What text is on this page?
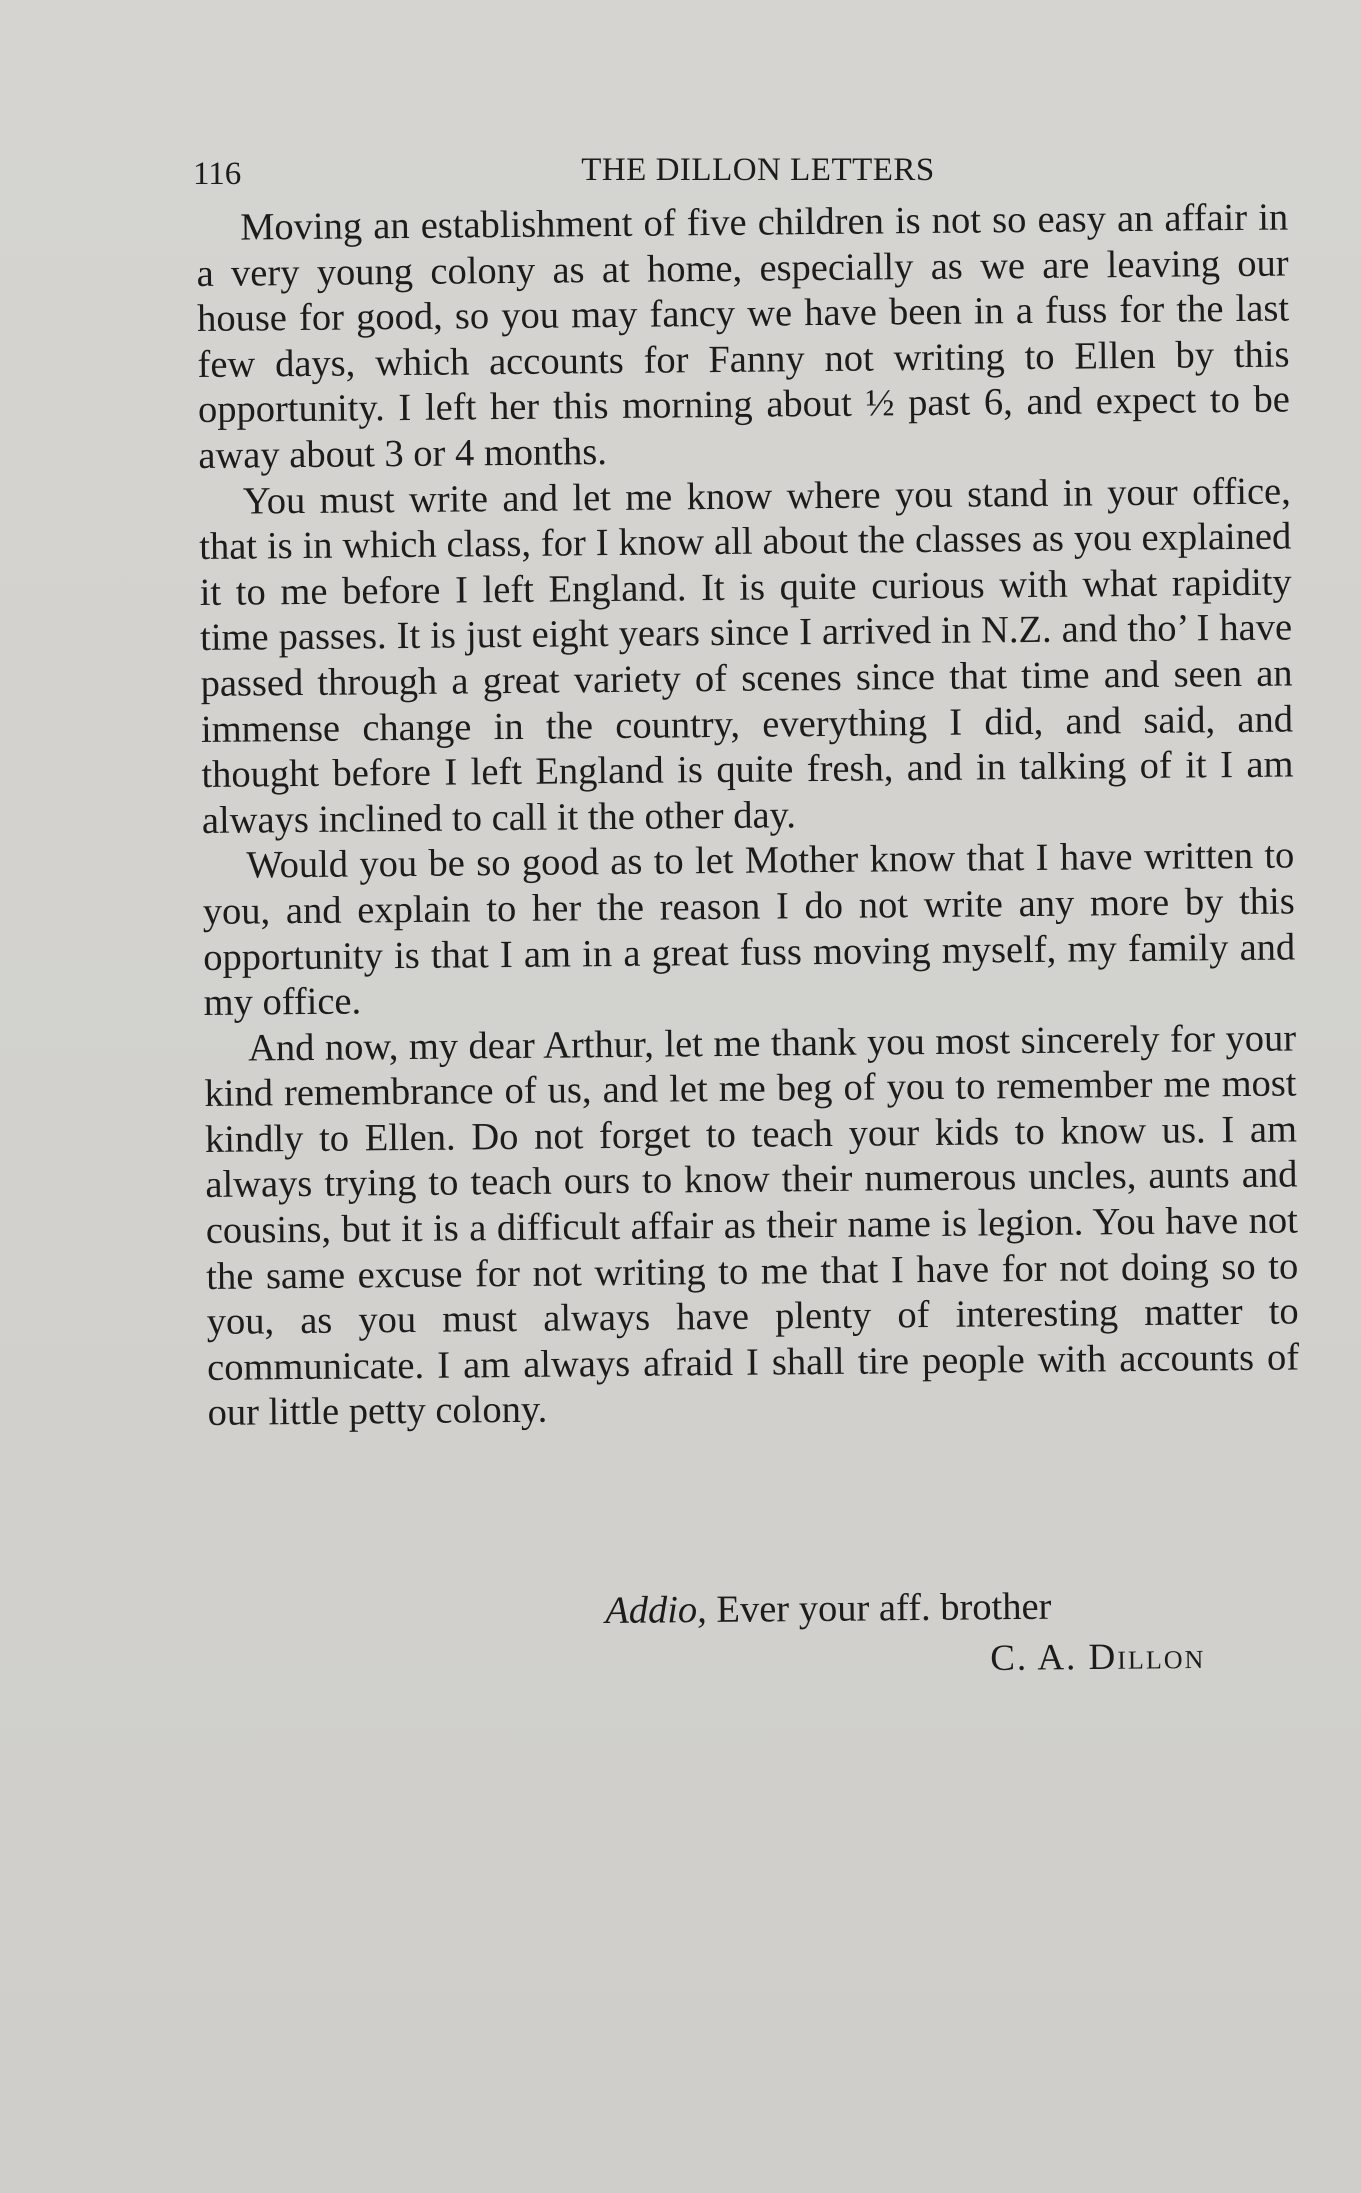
116	THE DILLON LETTERS

Moving an establishment of five children is not so easy an affair in a very young colony as at home, especially as we are leaving our house for good, so you may fancy we have been in a fuss for the last few days, which accounts for Fanny not writing to Ellen by this opportunity. I left her this morning about ½ past 6, and expect to be away about 3 or 4 months.

You must write and let me know where you stand in your office, that is in which class, for I know all about the classes as you explained it to me before I left England. It is quite curious with what rapidity time passes. It is just eight years since I arrived in N.Z. and tho’ I have passed through a great variety of scenes since that time and seen an immense change in the country, everything I did, and said, and thought before I left England is quite fresh, and in talking of it I am always inclined to call it the other day.

Would you be so good as to let Mother know that I have written to you, and explain to her the reason I do not write any more by this opportunity is that I am in a great fuss moving myself, my family and my office.

And now, my dear Arthur, let me thank you most sincerely for your kind remembrance of us, and let me beg of you to remember me most kindly to Ellen. Do not forget to teach your kids to know us. I am always trying to teach ours to know their numerous uncles, aunts and cousins, but it is a difficult affair as their name is legion. You have not the same excuse for not writing to me that I have for not doing so to you, as you must always have plenty of interesting matter to communicate. I am always afraid I shall tire people with accounts of our little petty colony.

Addio, Ever your aff. brother
C. A. Dillon
